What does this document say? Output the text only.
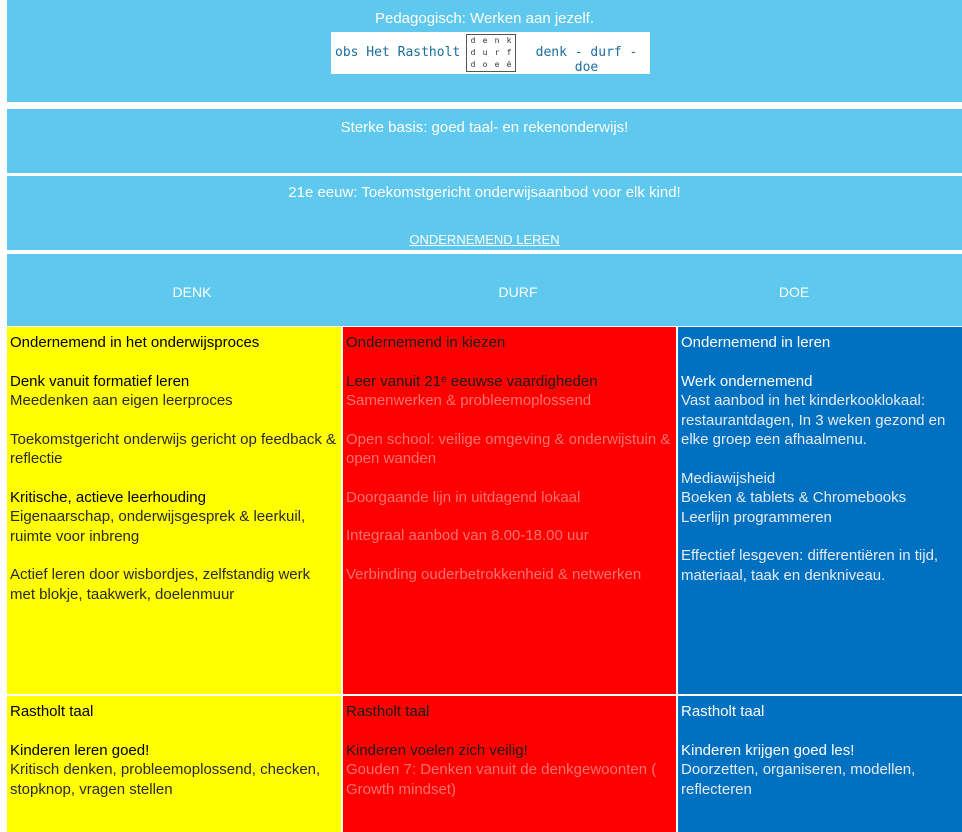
Pedagogisch: Werken aan jezelf.
obs Het Rastholt
d e n k
d u r f
d o e ë
denk - durf - doe
Sterke basis: goed taal- en rekenonderwijs!
21e eeuw: Toekomstgericht onderwijsaanbod voor elk kind!
ONDERNEMEND LEREN
DENK	DURF	DOE

Ondernemend in het onderwijsproces

Denk vanuit formatief leren

Meedenken aan eigen leerproces

Toekomstgericht onderwijs gericht op feedback & reflectie

Kritische, actieve leerhouding

Eigenaarschap, onderwijsgesprek & leerkuil, ruimte voor inbreng

Actief leren door wisbordjes, zelfstandig werk met blokje, taakwerk, doelenmuur

Ondernemend in kiezen

Leer vanuit 21ᵉ eeuwse vaardigheden

Samenwerken & probleemoplossend

Open school: veilige omgeving & onderwijstuin & open wanden

Doorgaande lijn in uitdagend lokaal

Integraal aanbod van 8.00-18.00 uur

Verbinding ouderbetrokkenheid & netwerken

Ondernemend in leren

Werk ondernemend

Vast aanbod in het kinderkooklokaal: restaurantdagen, In 3 weken gezond en elke groep een afhaalmenu.

Mediawijsheid
Boeken & tablets & Chromebooks
Leerlijn programmeren

Effectief lesgeven: differentiëren in tijd, materiaal, taak en denkniveau.

Rastholt taal

Kinderen leren goed!

Kritisch denken, probleemoplossend, checken, stopknop, vragen stellen

Rastholt taal

Kinderen voelen zich veilig!

Gouden 7: Denken vanuit de denkgewoonten ( Growth mindset)

Rastholt taal

Kinderen krijgen goed les!

Doorzetten, organiseren, modellen, reflecteren
